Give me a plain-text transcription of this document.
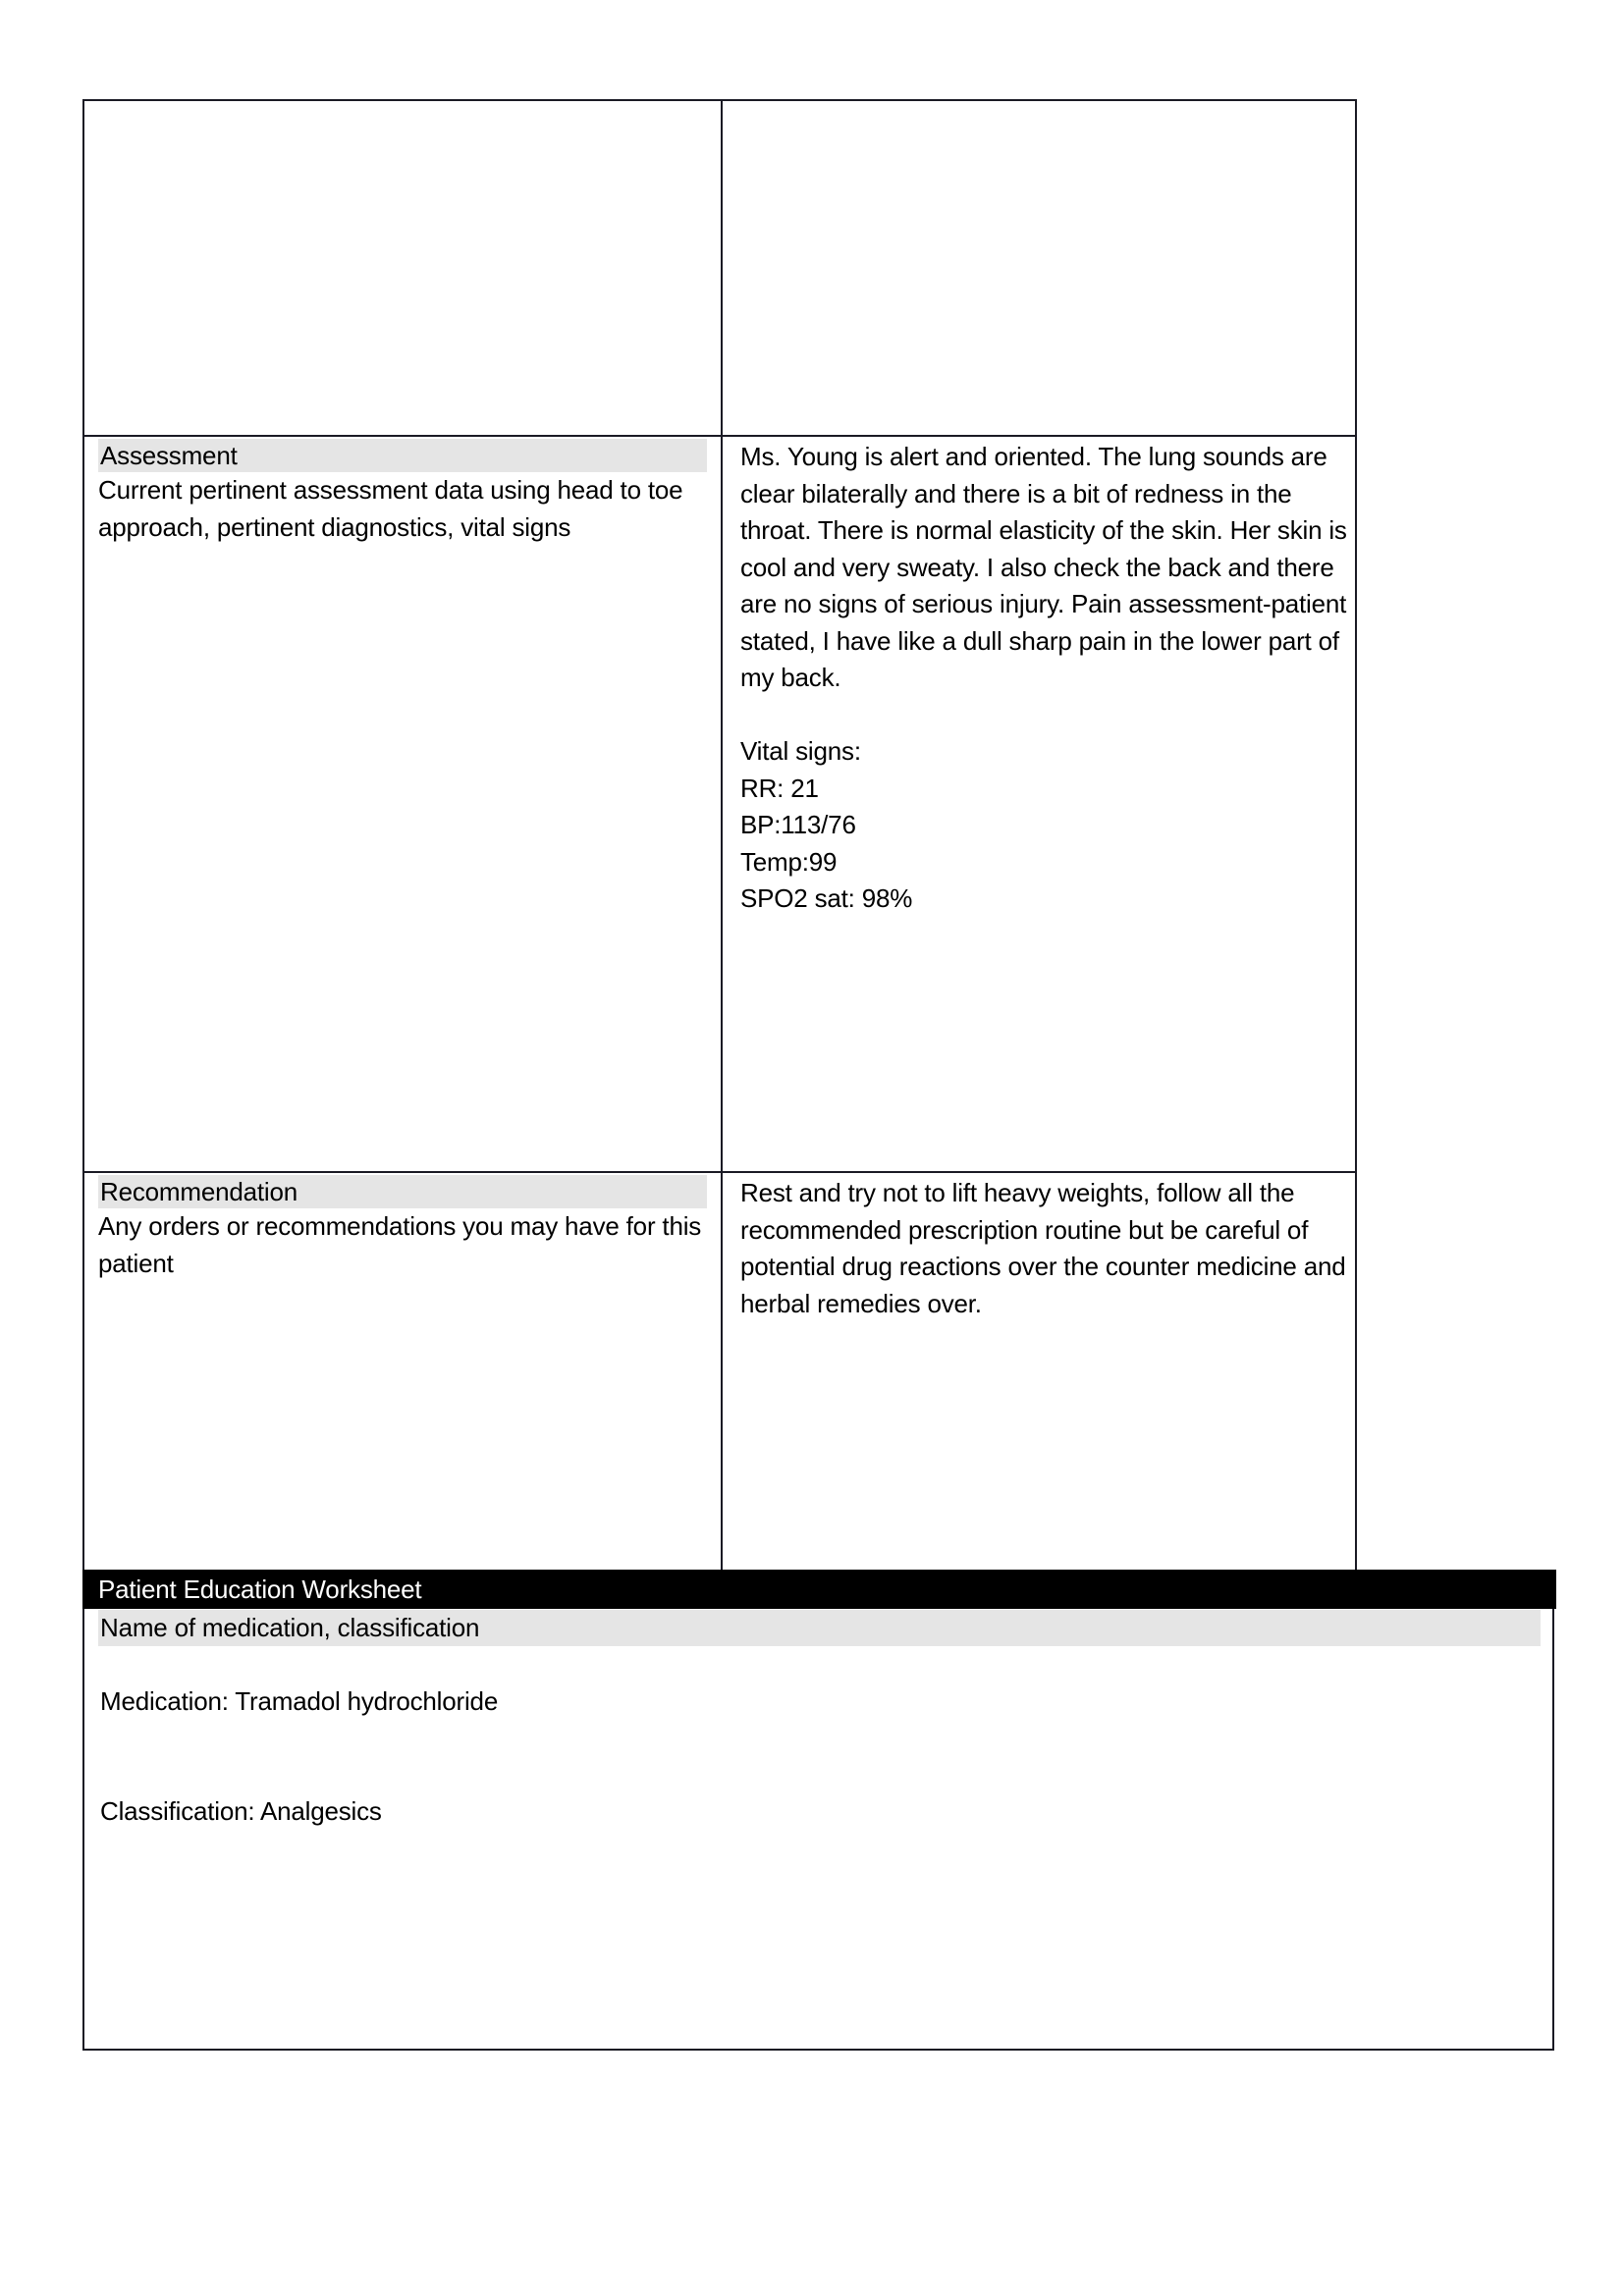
Assessment

Current pertinent assessment data using head to toe approach, pertinent diagnostics, vital signs

Ms. Young is alert and oriented. The lung sounds are clear bilaterally and there is a bit of redness in the throat. There is normal elasticity of the skin. Her skin is cool and very sweaty. I also check the back and there are no signs of serious injury. Pain assessment-patient stated, I have like a dull sharp pain in the lower part of my back.

Vital signs:
RR: 21
BP:113/76
Temp:99
SPO2 sat: 98%
Recommendation

Any orders or recommendations you may have for this patient

Rest and try not to lift heavy weights, follow all the recommended prescription routine but be careful of potential drug reactions over the counter medicine and herbal remedies over.

Patient Education Worksheet
Name of medication, classification
Medication: Tramadol hydrochloride
Classification: Analgesics
